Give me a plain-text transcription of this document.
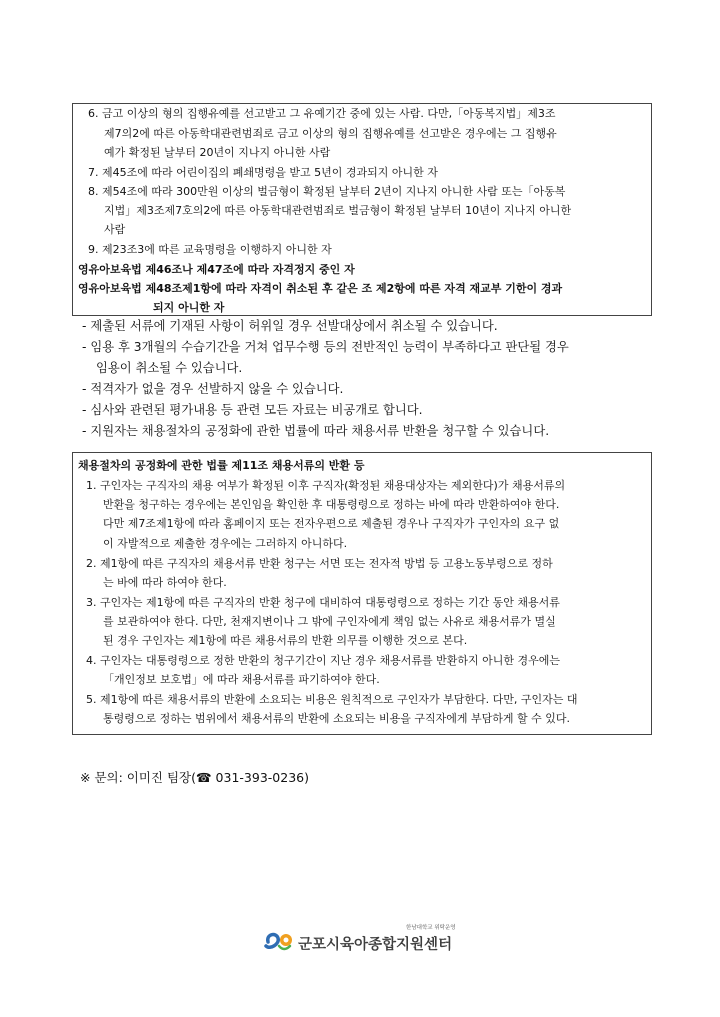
6. 금고 이상의 형의 집행유예를 선고받고 그 유예기간 중에 있는 사람. 다만,「아동복지법」제3조
제7의2에 따른 아동학대관련범죄로 금고 이상의 형의 집행유예를 선고받은 경우에는 그 집행유
예가 확정된 날부터 20년이 지나지 아니한 사람
7. 제45조에 따라 어린이집의 폐쇄명령을 받고 5년이 경과되지 아니한 자
8. 제54조에 따라 300만원 이상의 벌금형이 확정된 날부터 2년이 지나지 아니한 사람 또는「아동복
지법」제3조제7호의2에 따른 아동학대관련범죄로 벌금형이 확정된 날부터 10년이 지나지 아니한
사람
9. 제23조3에 따른 교육명령을 이행하지 아니한 자
영유아보육법 제46조나 제47조에 따라 자격정지 중인 자
영유아보육법 제48조제1항에 따라 자격이 취소된 후 같은 조 제2항에 따른 자격 재교부 기한이 경과
되지 아니한 자
- 제출된 서류에 기재된 사항이 허위일 경우 선발대상에서 취소될 수 있습니다.
- 임용 후 3개월의 수습기간을 거쳐 업무수행 등의 전반적인 능력이 부족하다고 판단될 경우
임용이 취소될 수 있습니다.
- 적격자가 없을 경우 선발하지 않을 수 있습니다.
- 심사와 관련된 평가내용 등 관련 모든 자료는 비공개로 합니다.
- 지원자는 채용절차의 공정화에 관한 법률에 따라 채용서류 반환을 청구할 수 있습니다.
채용절차의 공정화에 관한 법률 제11조 채용서류의 반환 등
1. 구인자는 구직자의 채용 여부가 확정된 이후 구직자(확정된 채용대상자는 제외한다)가 채용서류의
반환을 청구하는 경우에는 본인임을 확인한 후 대통령령으로 정하는 바에 따라 반환하여야 한다.
다만 제7조제1항에 따라 홈페이지 또는 전자우편으로 제출된 경우나 구직자가 구인자의 요구 없
이 자발적으로 제출한 경우에는 그러하지 아니하다.
2. 제1항에 따른 구직자의 채용서류 반환 청구는 서면 또는 전자적 방법 등 고용노동부령으로 정하
는 바에 따라 하여야 한다.
3. 구인자는 제1항에 따른 구직자의 반환 청구에 대비하여 대통령령으로 정하는 기간 동안 채용서류
를 보관하여야 한다. 다만, 천재지변이나 그 밖에 구인자에게 책임 없는 사유로 채용서류가 멸실
된 경우 구인자는 제1항에 따른 채용서류의 반환 의무를 이행한 것으로 본다.
4. 구인자는 대통령령으로 정한 반환의 청구기간이 지난 경우 채용서류를 반환하지 아니한 경우에는
「개인정보 보호법」에 따라 채용서류를 파기하여야 한다.
5. 제1항에 따른 채용서류의 반환에 소요되는 비용은 원칙적으로 구인자가 부담한다. 다만, 구인자는 대
통령령으로 정하는 범위에서 채용서류의 반환에 소요되는 비용을 구직자에게 부담하게 할 수 있다.
※ 문의: 이미진 팀장(☎ 031-393-0236)
한남대학교 위탁운영
군포시육아종합지원센터
